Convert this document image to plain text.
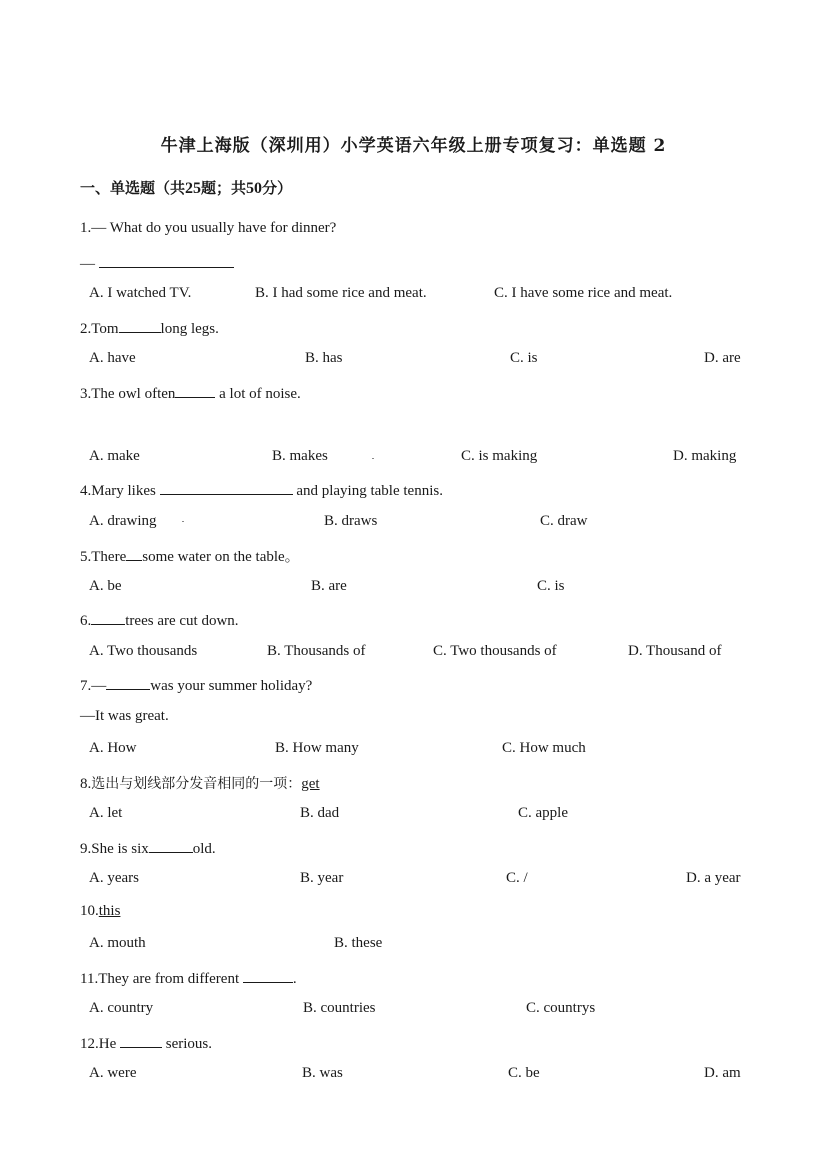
牛津上海版（深圳用）小学英语六年级上册专项复习：单选题 2
一、单选题（共25题；共50分）
1.— What do you usually have for dinner?
—
A. I watched TV.	B. I had some rice and meat.	C. I have some rice and meat.
2.Tom	long legs.
A. have	B. has	C. is	D. are
3.The owl often	a lot of noise.
A. make	B. makes	C. is making	D. making
4.Mary likes	and playing table tennis.
A. drawing	B. draws	C. draw
5.There some water on the table。
A. be	B. are	C. is
6. trees are cut down.
A. Two thousands	B. Thousands of	C. Two thousands of	D. Thousand of
7.—	was your summer holiday?
—It was great.
A. How	B. How many	C. How much
8.选出与划线部分发音相同的一项：get
A. let	B. dad	C. apple
9.She is six	old.
A. years	B. year	C. /	D. a year
10.this
A. mouth	B. these
11.They are from different	.
A. country	B. countries	C. countrys
12.He	serious.
A. were	B. was	C. be	D. am
